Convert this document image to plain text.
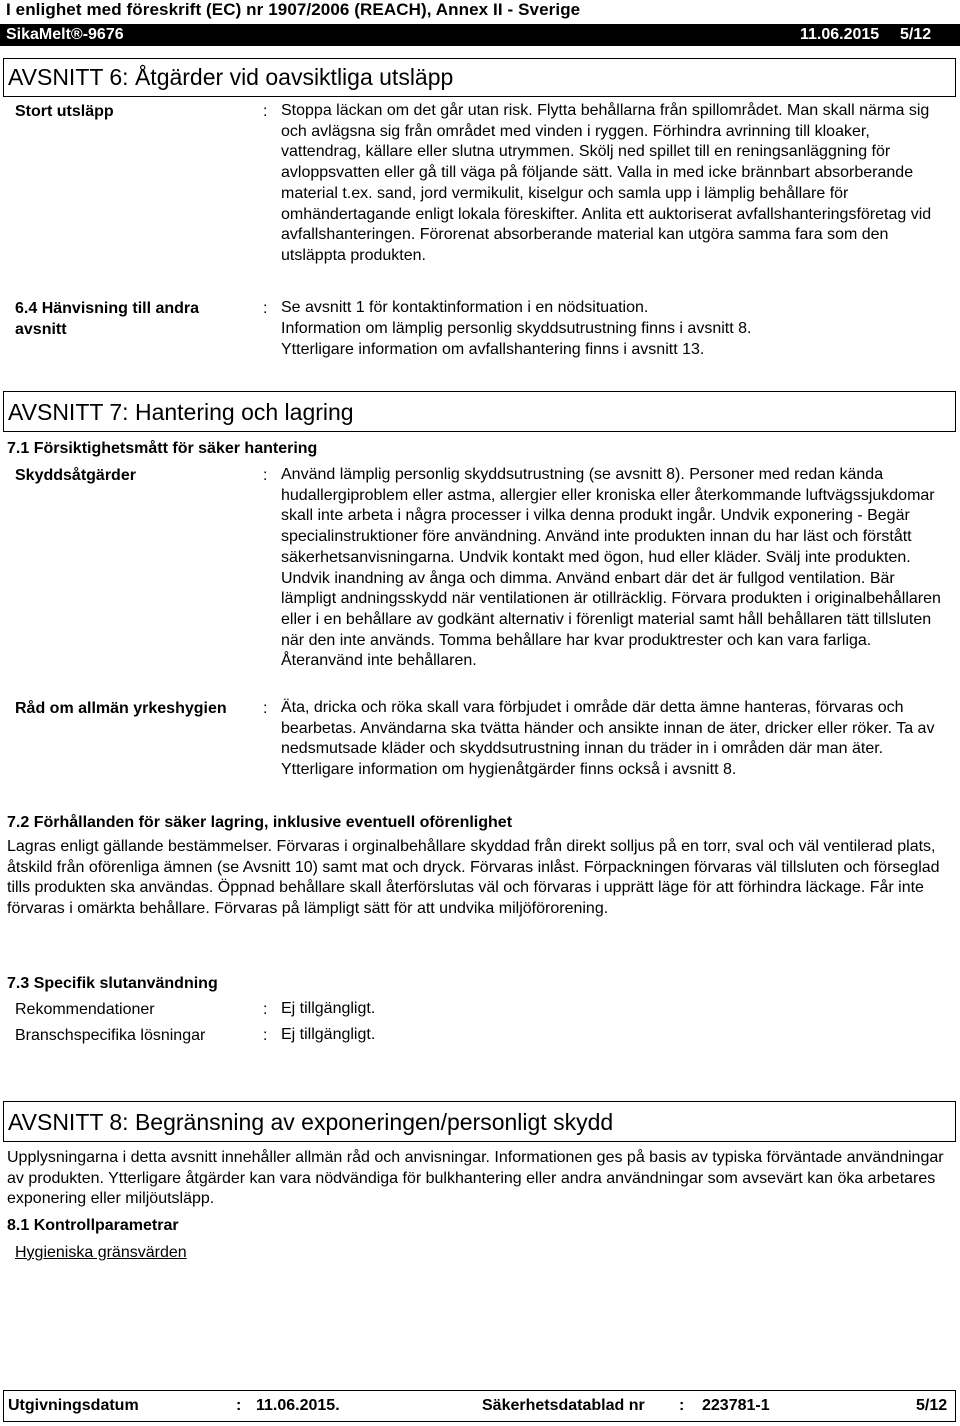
I enlighet med föreskrift (EC) nr 1907/2006 (REACH), Annex II - Sverige
SikaMelt®-9676	11.06.2015 5/12
AVSNITT 6: Åtgärder vid oavsiktliga utsläpp
Stort utsläpp	: Stoppa läckan om det går utan risk. Flytta behållarna från spillområdet. Man skall närma sig och avlägsna sig från området med vinden i ryggen. Förhindra avrinning till kloaker, vattendrag, källare eller slutna utrymmen. Skölj ned spillet till en reningsanläggning för avloppsvatten eller gå till väga på följande sätt. Valla in med icke brännbart absorberande material t.ex. sand, jord vermikulit, kiselgur och samla upp i lämplig behållare för omhändertagande enligt lokala föreskifter. Anlita ett auktoriserat avfallshanteringsföretag vid avfallshanteringen. Förorenat absorberande material kan utgöra samma fara som den utsläppta produkten.
6.4 Hänvisning till andra avsnitt
: Se avsnitt 1 för kontaktinformation i en nödsituation.
Information om lämplig personlig skyddsutrustning finns i avsnitt 8.
Ytterligare information om avfallshantering finns i avsnitt 13.
AVSNITT 7: Hantering och lagring
7.1 Försiktighetsmått för säker hantering
Skyddsåtgärder	: Använd lämplig personlig skyddsutrustning (se avsnitt 8). Personer med redan kända hudallergiproblem eller astma, allergier eller kroniska eller återkommande luftvägssjukdomar skall inte arbeta i några processer i vilka denna produkt ingår. Undvik exponering - Begär specialinstruktioner före användning. Använd inte produkten innan du har läst och förstått säkerhetsanvisningarna. Undvik kontakt med ögon, hud eller kläder. Svälj inte produkten. Undvik inandning av ånga och dimma. Använd enbart där det är fullgod ventilation. Bär lämpligt andningsskydd när ventilationen är otillräcklig. Förvara produkten i originalbehållaren eller i en behållare av godkänt alternativ i förenligt material samt håll behållaren tätt tillsluten när den inte används. Tomma behållare har kvar produktrester och kan vara farliga. Återanvänd inte behållaren.
Råd om allmän yrkeshygien : Äta, dricka och röka skall vara förbjudet i område där detta ämne hanteras, förvaras och bearbetas. Användarna ska tvätta händer och ansikte innan de äter, dricker eller röker. Ta av nedsmutsade kläder och skyddsutrustning innan du träder in i områden där man äter. Ytterligare information om hygienåtgärder finns också i avsnitt 8.
7.2 Förhållanden för säker lagring, inklusive eventuell oförenlighet
Lagras enligt gällande bestämmelser. Förvaras i orginalbehållare skyddad från direkt solljus på en torr, sval och väl ventilerad plats, åtskild från oförenliga ämnen (se Avsnitt 10) samt mat och dryck. Förvaras inlåst. Förpackningen förvaras väl tillsluten och förseglad tills produkten ska användas. Öppnad behållare skall återförslutas väl och förvaras i upprätt läge för att förhindra läckage. Får inte förvaras i omärkta behållare. Förvaras på lämpligt sätt för att undvika miljöförorening.
7.3 Specifik slutanvändning
Rekommendationer	: Ej tillgängligt.
Branschspecifika lösningar	: Ej tillgängligt.
AVSNITT 8: Begränsning av exponeringen/personligt skydd
Upplysningarna i detta avsnitt innehåller allmän råd och anvisningar. Informationen ges på basis av typiska förväntade användningar av produkten. Ytterligare åtgärder kan vara nödvändiga för bulkhantering eller andra användningar som avsevärt kan öka arbetares exponering eller miljöutsläpp.
8.1 Kontrollparametrar
Hygieniska gränsvärden
Utgivningsdatum	: 11.06.2015.	Säkerhetsdatablad nr : 223781-1	5/12
